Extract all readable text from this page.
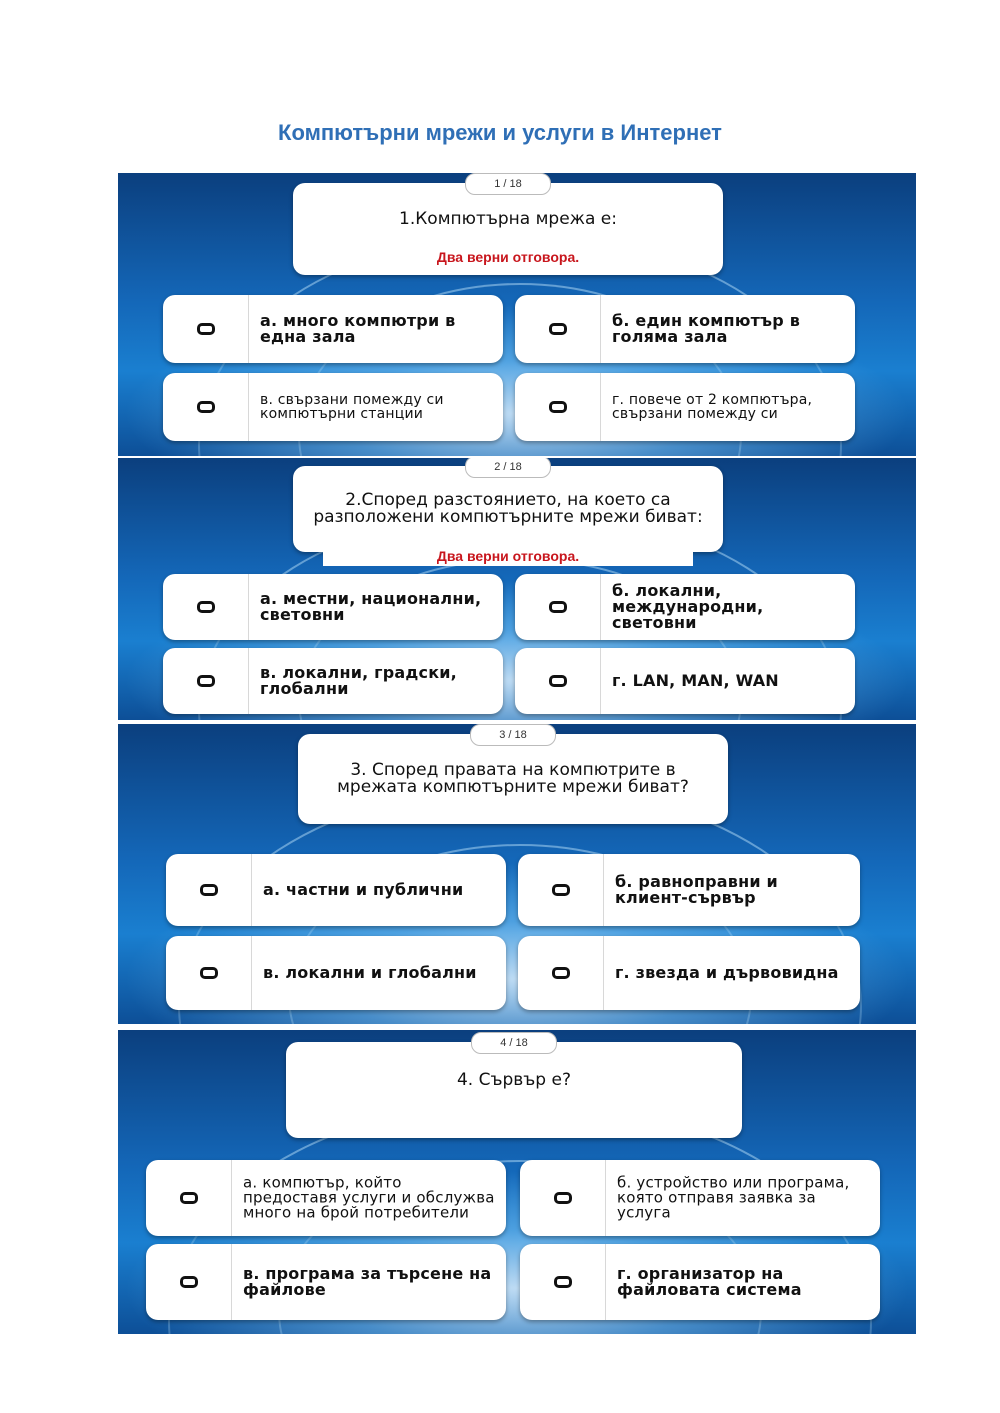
Компютърни мрежи и услуги в Интернет
1 / 18
1.Компютърна мрежа е:
Два верни отговора.
а. много компютри в една зала
б. един компютър в голяма зала
в. свързани помежду си компютърни станции
г. повече от 2 компютъра, свързани помежду си
2 / 18
2.Според разстоянието, на което са разположени компютърните мрежи биват:
Два верни отговора.
а. местни, национални, световни
б. локални, международни, световни
в. локални, градски, глобални	г. LAN, MAN, WAN
3 / 18
3. Според правата на компютрите в мрежата компютърните мрежи биват?
а. частни и публични	б. равноправни и клиент-сървър
в. локални и глобални	г. звезда и дървовидна
4 / 18
4. Сървър е?
а. компютър, който предоставя услуги и обслужва много на брой потребители
б. устройство или програма, която отправя заявка за услуга
в. програма за търсене на файлове
г. организатор на файловата система
